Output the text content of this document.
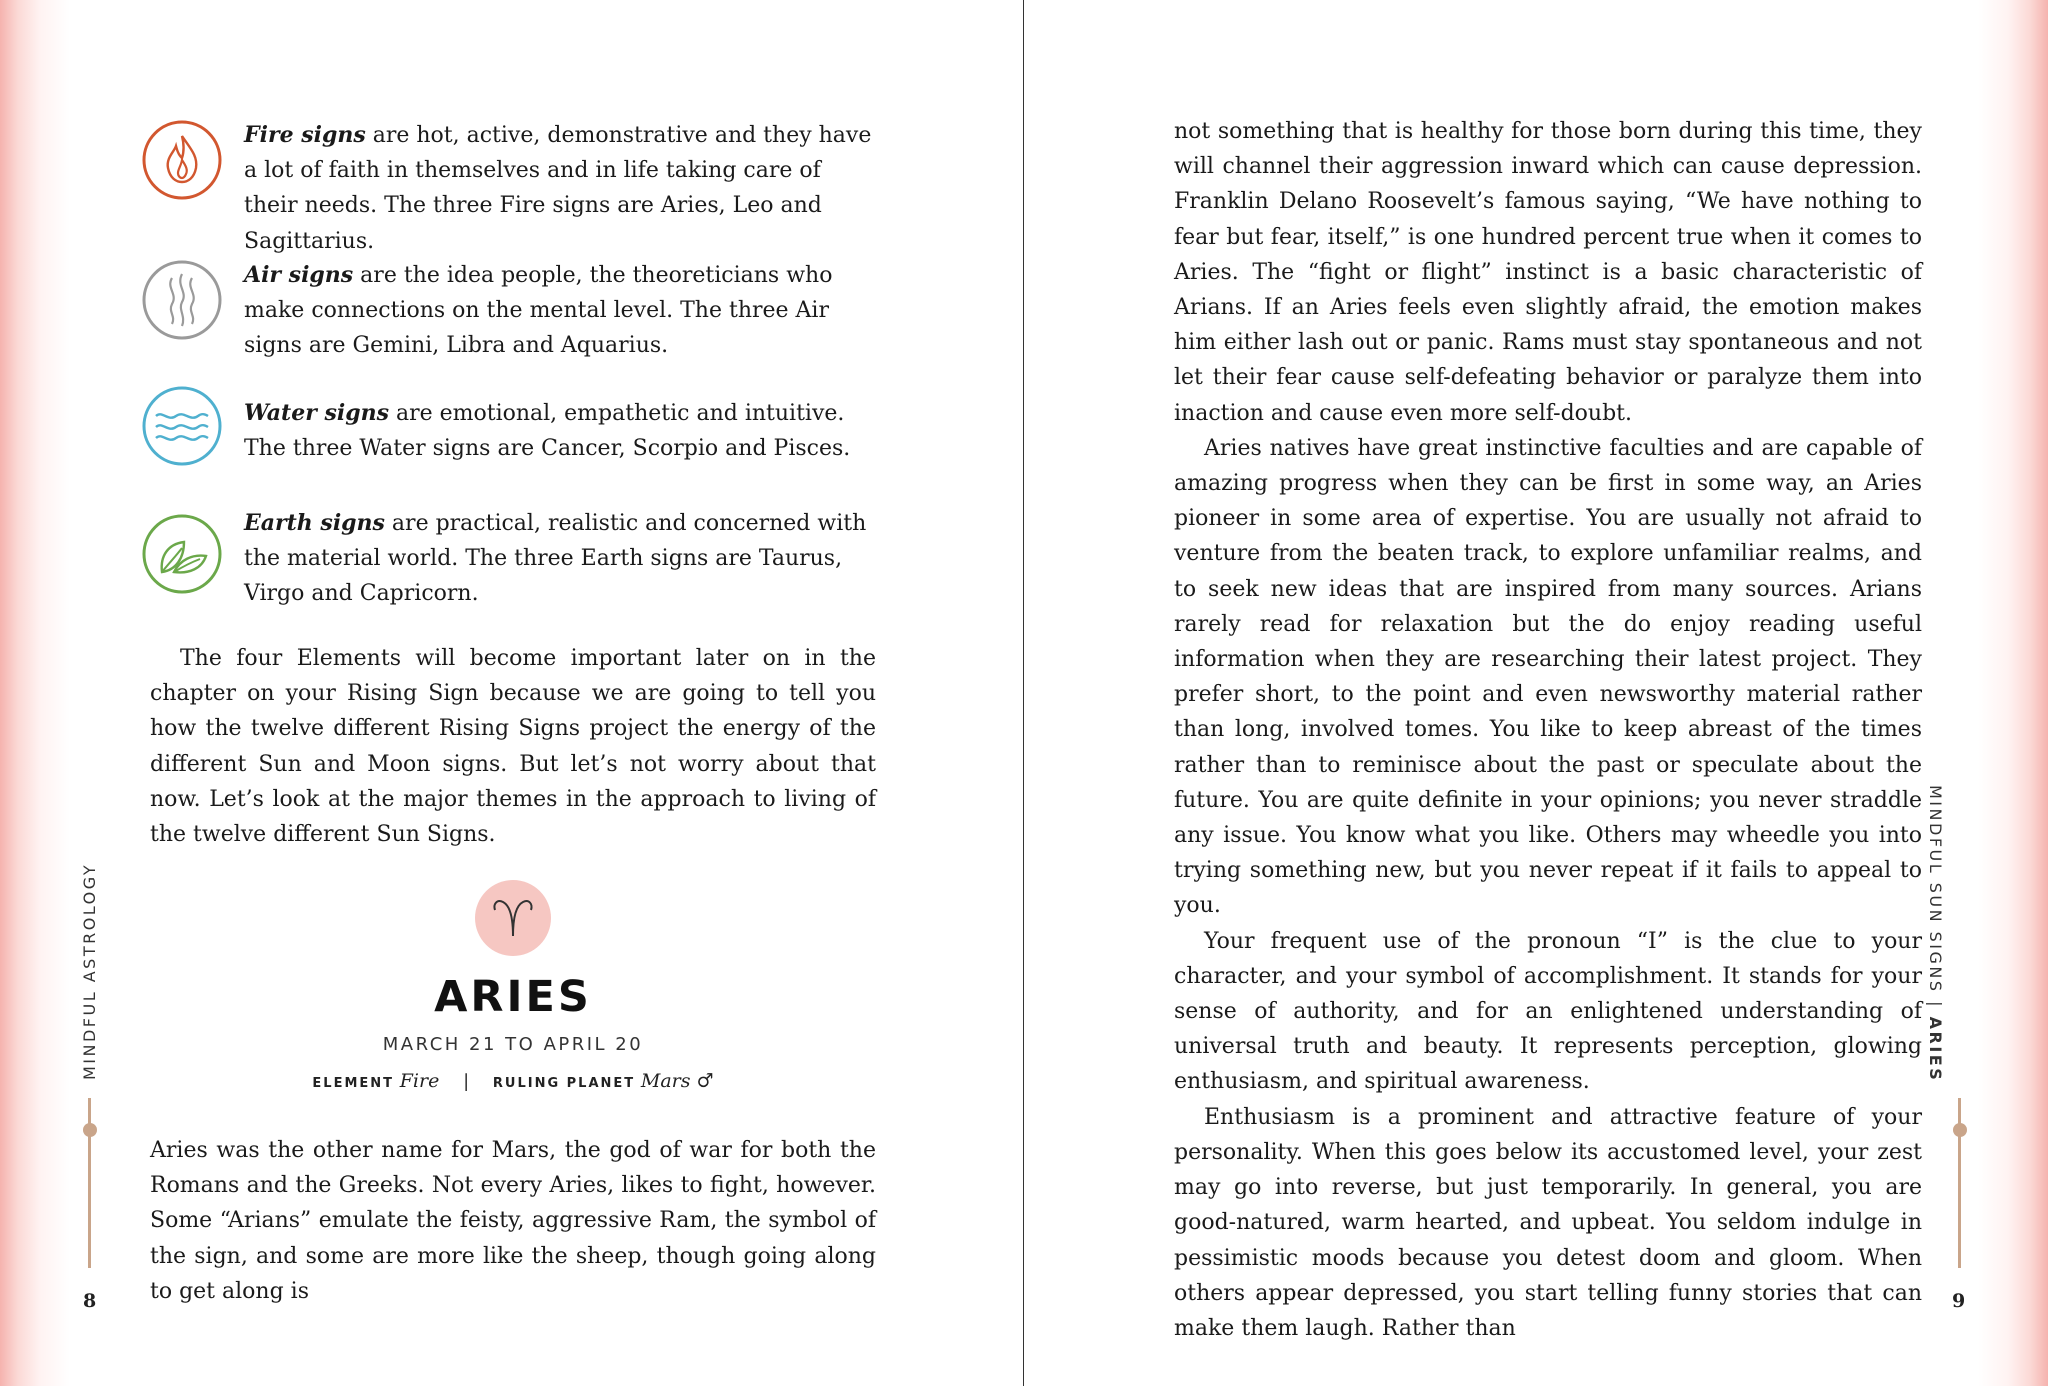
Fire signs are hot, active, demonstrative and they have a lot of faith in themselves and in life taking care of their needs. The three Fire signs are Aries, Leo and Sagittarius.
Air signs are the idea people, the theoreticians who make connections on the mental level. The three Air signs are Gemini, Libra and Aquarius.
Water signs are emotional, empathetic and intuitive. The three Water signs are Cancer, Scorpio and Pisces.
Earth signs are practical, realistic and concerned with the material world. The three Earth signs are Taurus, Virgo and Capricorn.

The four Elements will become important later on in the chapter on your Rising Sign because we are going to tell you how the twelve different Rising Signs project the energy of the different Sun and Moon signs. But let’s not worry about that now. Let’s look at the major themes in the approach to living of the twelve different Sun Signs.

ARIES
MARCH 21 TO APRIL 20
ELEMENT Fire | RULING PLANET Mars ♂

Aries was the other name for Mars, the god of war for both the Romans and the Greeks. Not every Aries, likes to fight, however. Some “Arians” emulate the feisty, aggressive Ram, the symbol of the sign, and some are more like the sheep, though going along to get along is

MINDFUL ASTROLOGY
8

not something that is healthy for those born during this time, they will channel their aggression inward which can cause depression. Franklin Delano Roosevelt’s famous saying, “We have nothing to fear but fear, itself,” is one hundred percent true when it comes to Aries. The “fight or flight” instinct is a basic characteristic of Arians. If an Aries feels even slightly afraid, the emotion makes him either lash out or panic. Rams must stay spontaneous and not let their fear cause self-defeating behavior or paralyze them into inaction and cause even more self-doubt.

Aries natives have great instinctive faculties and are capable of amazing progress when they can be first in some way, an Aries pioneer in some area of expertise. You are usually not afraid to venture from the beaten track, to explore unfamiliar realms, and to seek new ideas that are inspired from many sources. Arians rarely read for relaxation but the do enjoy reading useful information when they are researching their latest project. They prefer short, to the point and even newsworthy material rather than long, involved tomes. You like to keep abreast of the times rather than to reminisce about the past or speculate about the future. You are quite definite in your opinions; you never straddle any issue. You know what you like. Others may wheedle you into trying something new, but you never repeat if it fails to appeal to you.

Your frequent use of the pronoun “I” is the clue to your character, and your symbol of accomplishment. It stands for your sense of authority, and for an enlightened understanding of universal truth and beauty. It represents perception, glowing enthusiasm, and spiritual awareness.

Enthusiasm is a prominent and attractive feature of your personality. When this goes below its accustomed level, your zest may go into reverse, but just temporarily. In general, you are good-natured, warm hearted, and upbeat. You seldom indulge in pessimistic moods because you detest doom and gloom. When others appear depressed, you start telling funny stories that can make them laugh. Rather than

MINDFUL SUN SIGNS | ARIES
9
